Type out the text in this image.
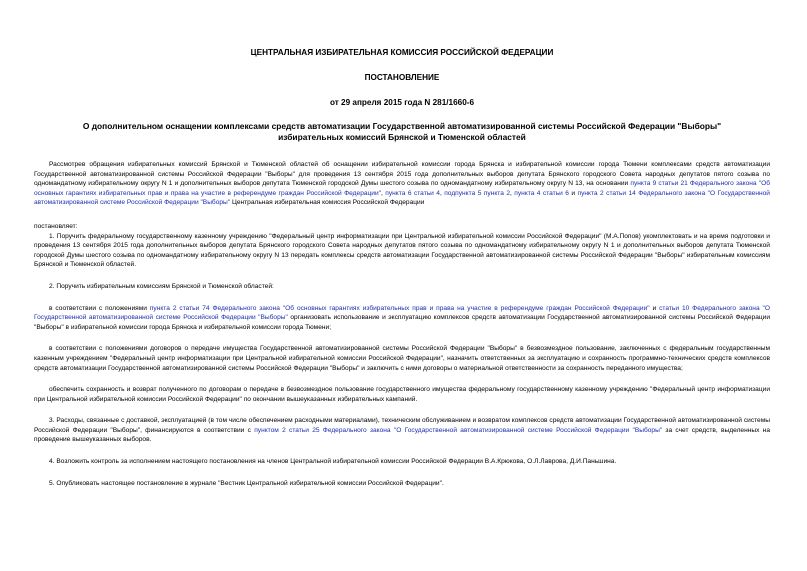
ЦЕНТРАЛЬНАЯ ИЗБИРАТЕЛЬНАЯ КОМИССИЯ РОССИЙСКОЙ ФЕДЕРАЦИИ
ПОСТАНОВЛЕНИЕ
от 29 апреля 2015 года N 281/1660-6
О дополнительном оснащении комплексами средств автоматизации Государственной автоматизированной системы Российской Федерации "Выборы" избирательных комиссий Брянской и Тюменской областей

Рассмотрев обращения избирательных комиссий Брянской и Тюменской областей об оснащении избирательной комиссии города Брянска и избирательной комиссии города Тюмени комплексами средств автоматизации Государственной автоматизированной системы Российской Федерации "Выборы" для проведения 13 сентября 2015 года дополнительных выборов депутата Брянского городского Совета народных депутатов пятого созыва по одномандатному избирательному округу N 1 и дополнительных выборов депутата Тюменской городской Думы шестого созыва по одномандатному избирательному округу N 13, на основании пункта 9 статьи 21 Федерального закона "Об основных гарантиях избирательных прав и права на участие в референдуме граждан Российской Федерации", пункта 6 статьи 4, подпункта 5 пункта 2, пункта 4 статьи 6 и пункта 2 статьи 14 Федерального закона "О Государственной автоматизированной системе Российской Федерации "Выборы" Центральная избирательная комиссия Российской Федерации

постановляет:

1. Поручить федеральному государственному казенному учреждению "Федеральный центр информатизации при Центральной избирательной комиссии Российской Федерации" (М.А.Попов) укомплектовать и на время подготовки и проведения 13 сентября 2015 года дополнительных выборов депутата Брянского городского Совета народных депутатов пятого созыва по одномандатному избирательному округу N 1 и дополнительных выборов депутата Тюменской городской Думы шестого созыва по одномандатному избирательному округу N 13 передать комплексы средств автоматизации Государственной автоматизированной системы Российской Федерации "Выборы" избирательным комиссиям Брянской и Тюменской областей.

2. Поручить избирательным комиссиям Брянской и Тюменской областей:

в соответствии с положениями пункта 2 статьи 74 Федерального закона "Об основных гарантиях избирательных прав и права на участие в референдуме граждан Российской Федерации" и статьи 10 Федерального закона "О Государственной автоматизированной системе Российской Федерации "Выборы" организовать использование и эксплуатацию комплексов средств автоматизации Государственной автоматизированной системы Российской Федерации "Выборы" в избирательной комиссии города Брянска и избирательной комиссии города Тюмени;

в соответствии с положениями договоров о передаче имущества Государственной автоматизированной системы Российской Федерации "Выборы" в безвозмездное пользование, заключенных с федеральным государственным казенным учреждением "Федеральный центр информатизации при Центральной избирательной комиссии Российской Федерации", назначить ответственных за эксплуатацию и сохранность программно-технических средств комплексов средств автоматизации Государственной автоматизированной системы Российской Федерации "Выборы" и заключить с ними договоры о материальной ответственности за сохранность переданного имущества;

обеспечить сохранность и возврат полученного по договорам о передаче в безвозмездное пользование государственного имущества федеральному государственному казенному учреждению "Федеральный центр информатизации при Центральной избирательной комиссии Российской Федерации" по окончании вышеуказанных избирательных кампаний.

3. Расходы, связанные с доставкой, эксплуатацией (в том числе обеспечением расходными материалами), техническим обслуживанием и возвратом комплексов средств автоматизации Государственной автоматизированной системы Российской Федерации "Выборы", финансируются в соответствии с пунктом 2 статьи 25 Федерального закона "О Государственной автоматизированной системе Российской Федерации "Выборы" за счет средств, выделенных на проведение вышеуказанных выборов.

4. Возложить контроль за исполнением настоящего постановления на членов Центральной избирательной комиссии Российской Федерации В.А.Крюкова, О.Л.Лаврова, Д.И.Паньшина.

5. Опубликовать настоящее постановление в журнале "Вестник Центральной избирательной комиссии Российской Федерации".
